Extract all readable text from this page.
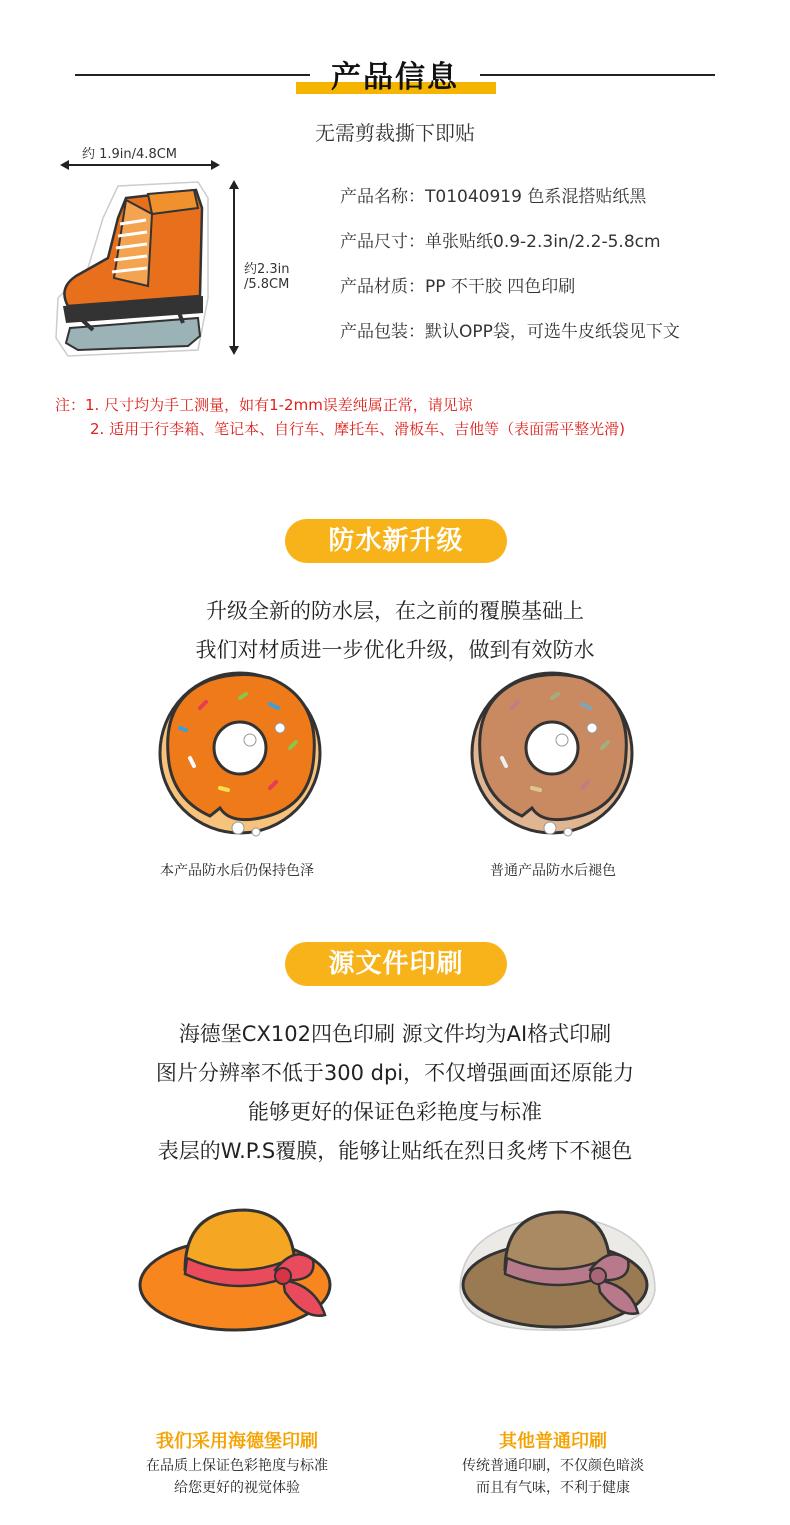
产品信息
无需剪裁撕下即贴
约 1.9in/4.8CM
约2.3in
/5.8CM
产品名称：T01040919 色系混搭贴纸黑
产品尺寸：单张贴纸0.9-2.3in/2.2-5.8cm
产品材质：PP 不干胶 四色印刷
产品包装：默认OPP袋，可选牛皮纸袋见下文
注：1. 尺寸均为手工测量，如有1-2mm误差纯属正常，请见谅
2. 适用于行李箱、笔记本、自行车、摩托车、滑板车、吉他等（表面需平整光滑)
防水新升级
升级全新的防水层，在之前的覆膜基础上
我们对材质进一步优化升级，做到有效防水
本产品防水后仍保持色泽	普通产品防水后褪色
源文件印刷
海德堡CX102四色印刷 源文件均为AI格式印刷
图片分辨率不低于300 dpi，不仅增强画面还原能力
能够更好的保证色彩艳度与标准
表层的W.P.S覆膜，能够让贴纸在烈日炙烤下不褪色
我们采用海德堡印刷
在品质上保证色彩艳度与标准
给您更好的视觉体验
其他普通印刷
传统普通印刷，不仅颜色暗淡
而且有气味，不利于健康
